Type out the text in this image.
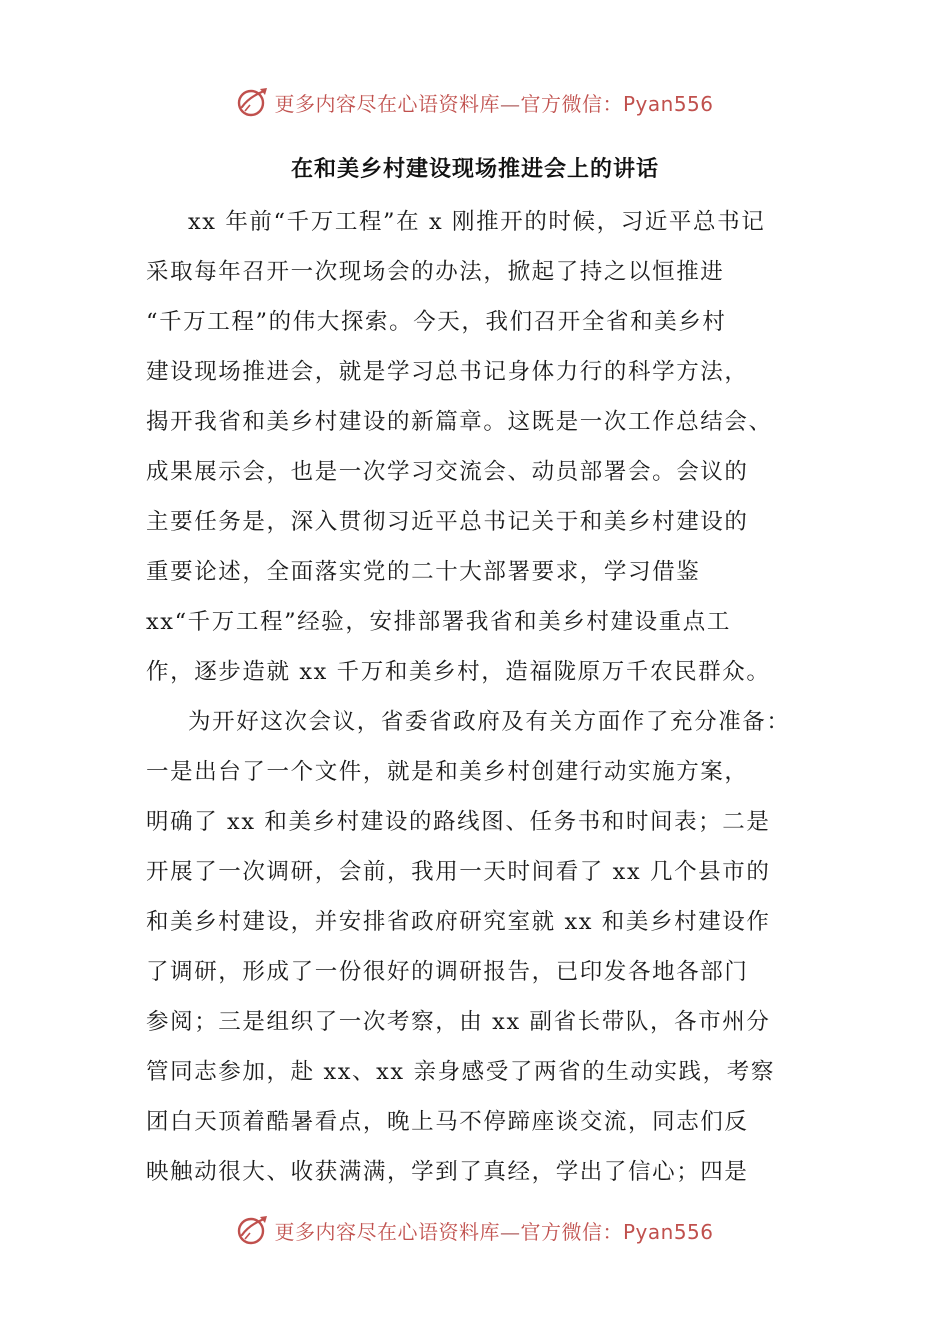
更多内容尽在心语资料库—官方微信：Pyan556
在和美乡村建设现场推进会上的讲话
xx 年前“千万工程”在 x 刚推开的时候，习近平总书记
采取每年召开一次现场会的办法，掀起了持之以恒推进
“千万工程”的伟大探索。今天，我们召开全省和美乡村
建设现场推进会，就是学习总书记身体力行的科学方法，
揭开我省和美乡村建设的新篇章。这既是一次工作总结会、
成果展示会，也是一次学习交流会、动员部署会。会议的
主要任务是，深入贯彻习近平总书记关于和美乡村建设的
重要论述，全面落实党的二十大部署要求，学习借鉴
xx“千万工程”经验，安排部署我省和美乡村建设重点工
作，逐步造就 xx 千万和美乡村，造福陇原万千农民群众。
为开好这次会议，省委省政府及有关方面作了充分准备：
一是出台了一个文件，就是和美乡村创建行动实施方案，
明确了 xx 和美乡村建设的路线图、任务书和时间表；二是
开展了一次调研，会前，我用一天时间看了 xx 几个县市的
和美乡村建设，并安排省政府研究室就 xx 和美乡村建设作
了调研，形成了一份很好的调研报告，已印发各地各部门
参阅；三是组织了一次考察，由 xx 副省长带队，各市州分
管同志参加，赴 xx、xx 亲身感受了两省的生动实践，考察
团白天顶着酷暑看点，晚上马不停蹄座谈交流，同志们反
映触动很大、收获满满，学到了真经，学出了信心；四是
更多内容尽在心语资料库—官方微信：Pyan556
